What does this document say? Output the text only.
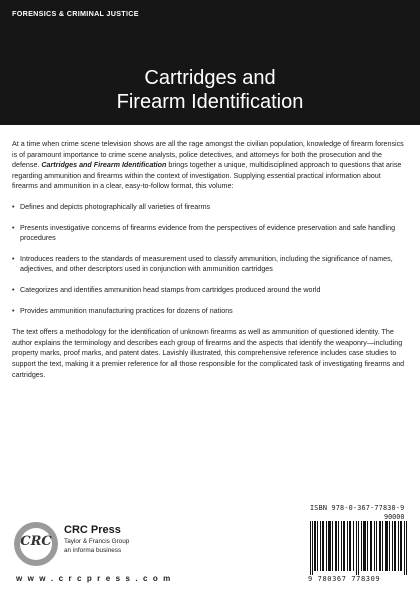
FORENSICS & CRIMINAL JUSTICE
Cartridges and
Firearm Identification

At a time when crime scene television shows are all the rage amongst the civilian population, knowledge of firearm forensics is of paramount importance to crime scene analysts, police detectives, and attorneys for both the prosecution and the defense. Cartridges and Firearm Identification brings together a unique, multidisciplined approach to questions that arise regarding ammunition and firearms within the context of investigation. Supplying essential practical information about firearms and ammunition in a clear, easy-to-follow format, this volume:

• Defines and depicts photographically all varieties of firearms
• Presents investigative concerns of firearms evidence from the perspectives of evidence preservation and safe handling procedures
• Introduces readers to the standards of measurement used to classify ammunition, including the significance of names, adjectives, and other descriptors used in conjunction with ammunition cartridges
• Categorizes and identifies ammunition head stamps from cartridges produced around the world
• Provides ammunition manufacturing practices for dozens of nations

The text offers a methodology for the identification of unknown firearms as well as ammunition of questioned identity. The author explains the terminology and describes each group of firearms and the aspects that identify the weaponry—including property marks, proof marks, and patent dates. Lavishly illustrated, this comprehensive reference includes case studies to support the text, making it a premier reference for all those responsible for the complicated task of investigating firearms and cartridges.

CRC
CRC Press
Taylor & Francis Group
an informa business
w w w . c r c p r e s s . c o m
ISBN 978-0-367-77830-9
90000
9 780367 778309
